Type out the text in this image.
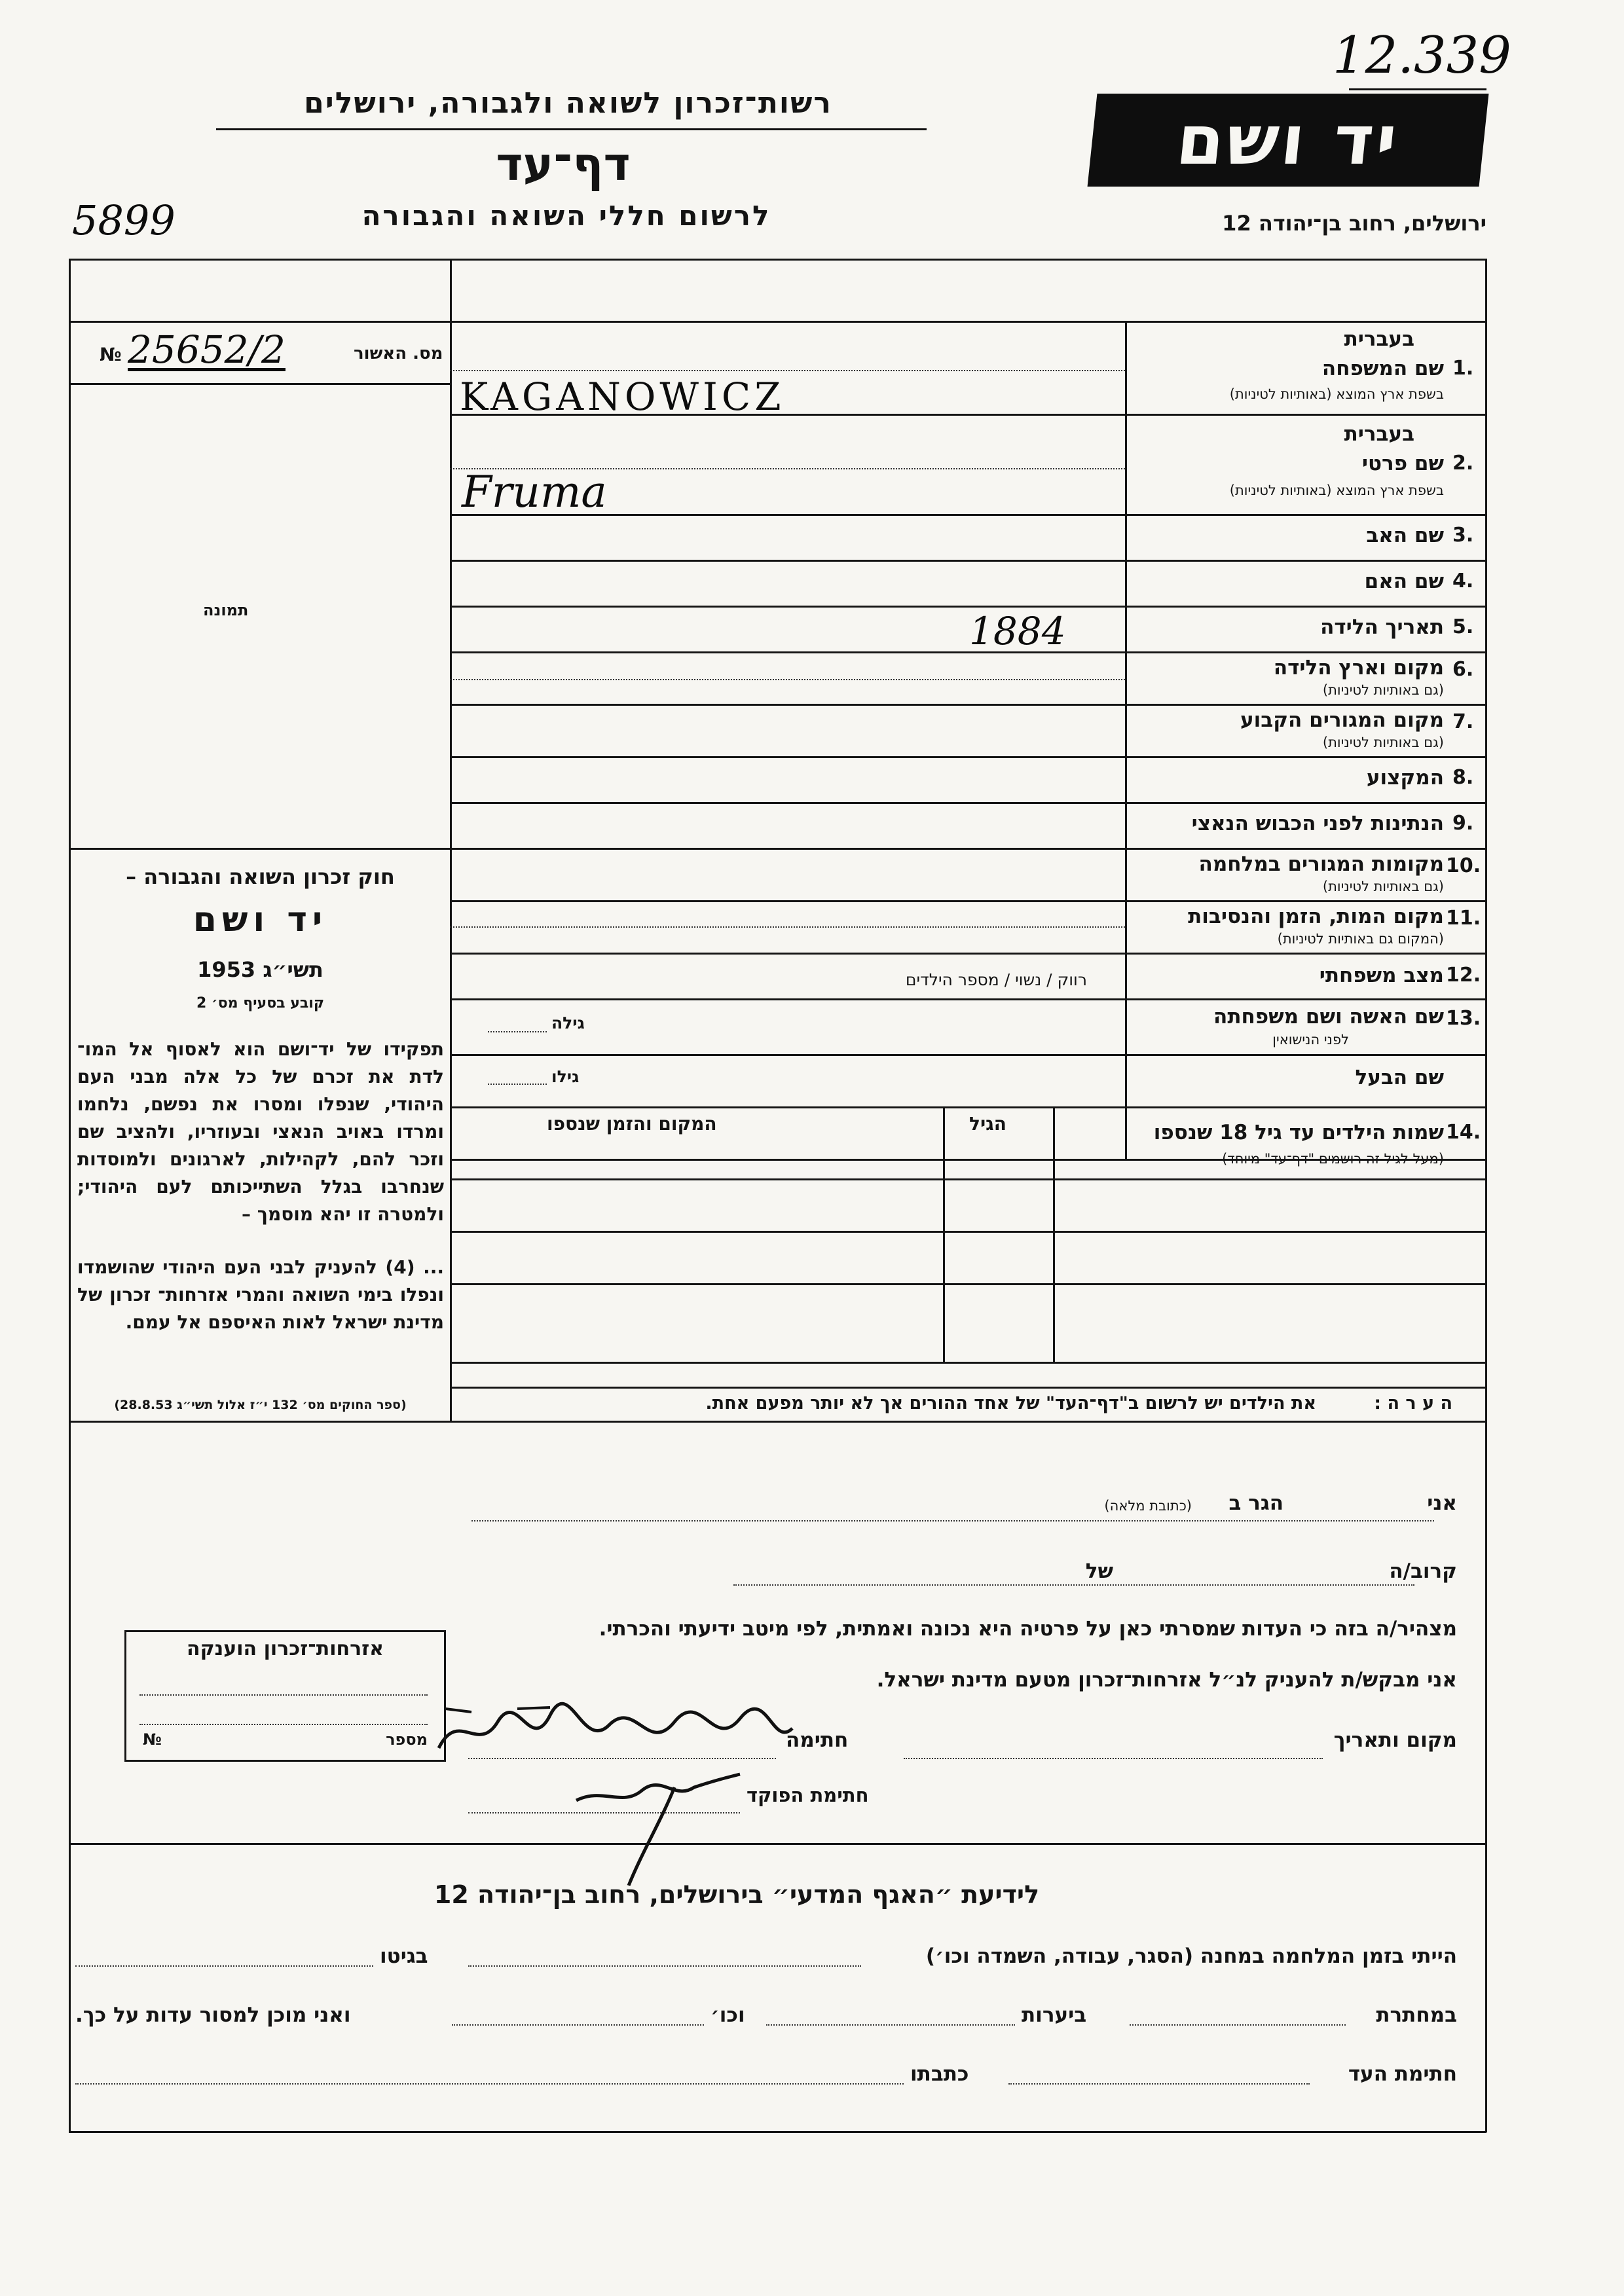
12.339
5899
רשות־זכרון לשואה ולגבורה, ירושלים
דף־עד
לרשום חללי השואה והגבורה
יד ושם
ירושלים, רחוב בן־יהודה 12
מס. האשור
№ 25652/2
תמונה
חוק זכרון השואה והגבורה –
יד ושם
תשי״ג 1953
קובע בסעיף מס׳ 2
תפקידו של יד־ושם הוא לאסוף אל המו־ לדת את זכרם של כל אלה מבני העם היהודי, שנפלו ומסרו את נפשם, נלחמו ומרדו באויב הנאצי ובעוזריו, ולהציב שם וזכר להם, לקהילות, לארגונים ולמוסדות שנחרבו בגלל השתייכותם לעם היהודי; ולמטרה זו יהא מוסמך –
... (4) להעניק לבני העם היהודי שהושמדו ונפלו בימי השואה והמרי אזרחות־ זכרון של מדינת ישראל לאות האיספם אל עמם.
(ספר החוקים מס׳ 132 י״ז אלול תשי״ג 28.8.53)
בעברית
1.
שם המשפחה
בשפת ארץ המוצא (באותיות לטיניות)
בעברית
2.
שם פרטי
בשפת ארץ המוצא (באותיות לטיניות)
3.
שם האב
4.
שם האם
5.
תאריך הלידה
6.
מקום וארץ הלידה
(גם באותיות לטיניות)
7.
מקום המגורים הקבוע
(גם באותיות לטיניות)
8.
המקצוע
9.
הנתינות לפני הכבוש הנאצי
10.
מקומות המגורים במלחמה
(גם באותיות לטיניות)
11.
מקום המות, הזמן והנסיבות
(המקום גם באותיות לטיניות)
12.
מצב משפחתי
רווק / נשוי / מספר הילדים
13.
שם האשה ושם משפחתה
לפני הנישואין
גילה
שם הבעל
גילו
KAGANOWICZ
Fruma
1884
14.
שמות הילדים עד גיל 18 שנספו
(מעל לגיל זה רושמים "דף־עד" מיוחד)
הגיל
המקום והזמן שנספו
ה ע ר ה :
את הילדים יש לרשום ב"דף־העד" של אחד ההורים אך לא יותר מפעם אחת.
אני
הגר ב
(כתובת מלאה)
קרוב/ה
של
מצהיר/ה בזה כי העדות שמסרתי כאן על פרטיה היא נכונה ואמתית, לפי מיטב ידיעתי והכרתי.
אני מבקש/ת להעניק לנ״ל אזרחות־זכרון מטעם מדינת ישראל.
מקום ותאריך
חתימה
חתימת הפוקד
אזרחות־זכרון הוענקה
מספר
№
לידיעת ״האגף המדעי״ בירושלים, רחוב בן־יהודה 12
הייתי בזמן המלחמה במחנה (הסגר, עבודה, השמדה וכו׳)
בגיטו
במחתרת
ביערות
וכו׳
ואני מוכן למסור עדות על כך.
חתימת העד
כתבתו
